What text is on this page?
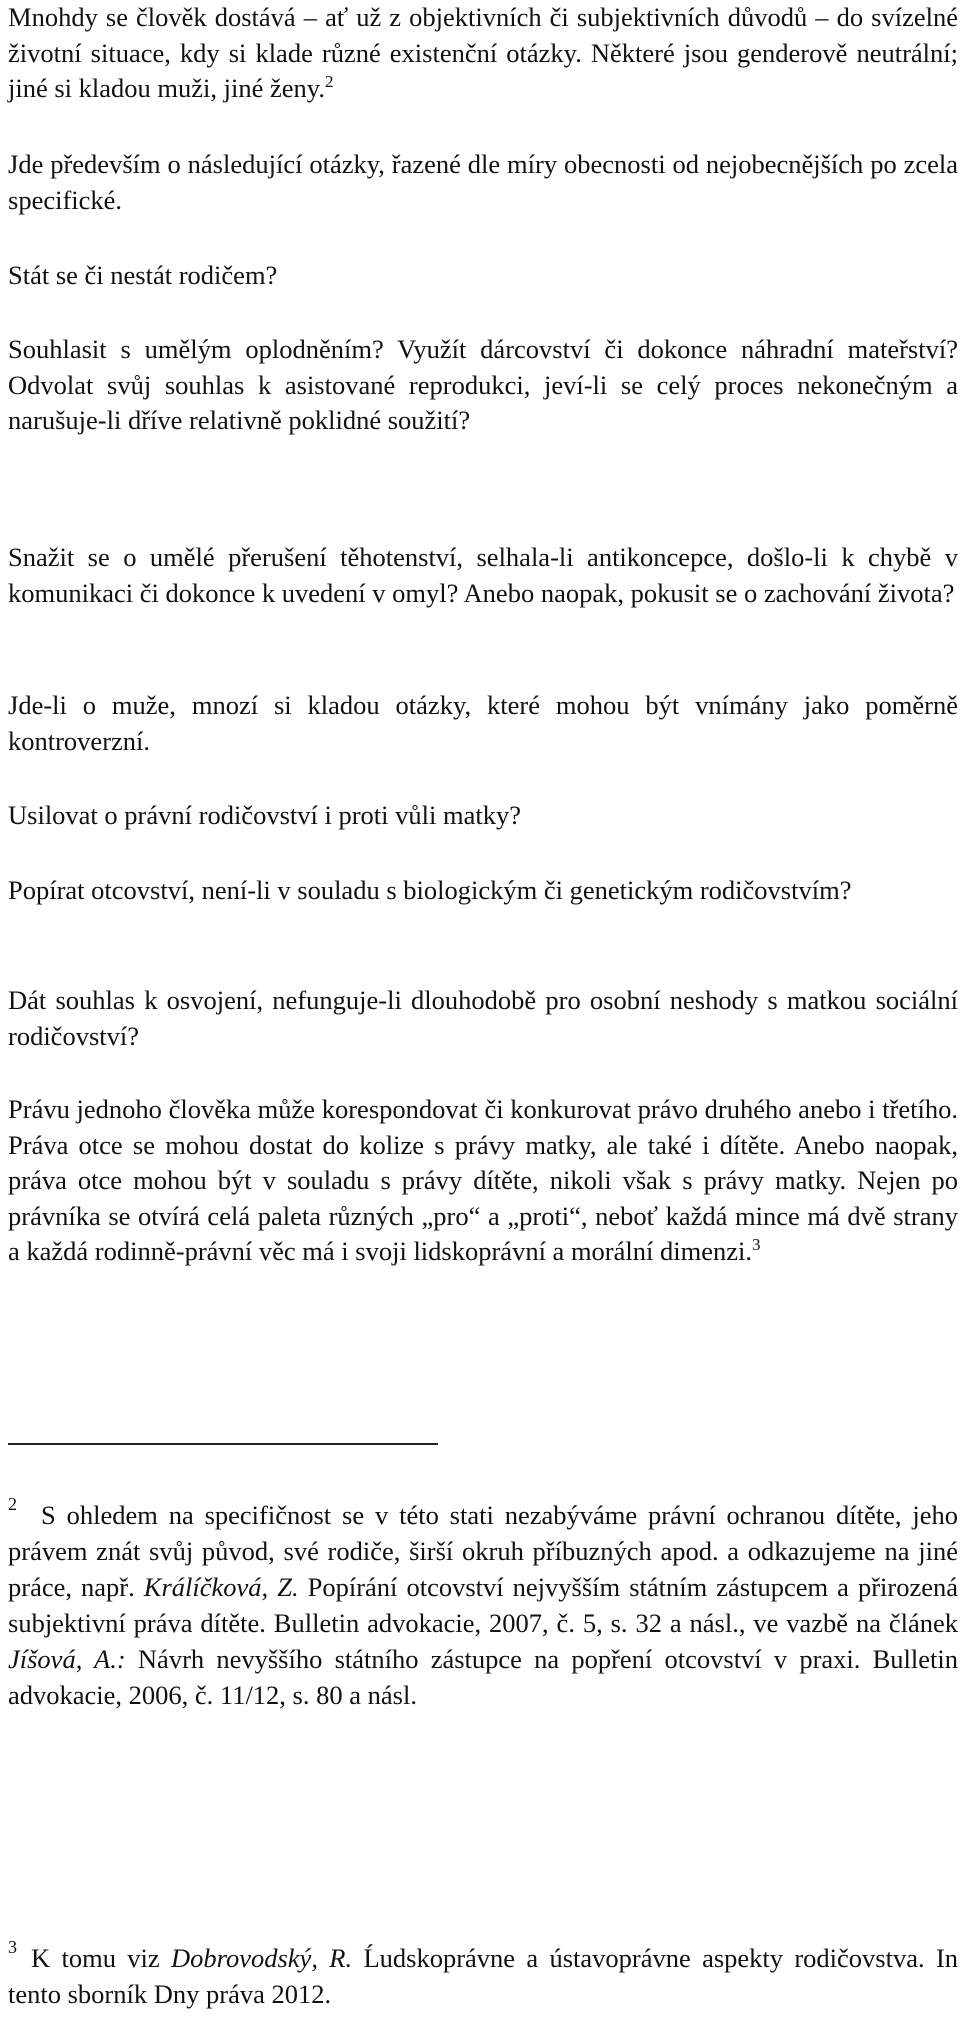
Mnohdy se člověk dostává – ať už z objektivních či subjektivních důvodů – do svízelné životní situace, kdy si klade různé existenční otázky. Některé jsou genderově neutrální; jiné si kladou muži, jiné ženy.$^2$

Jde především o následující otázky, řazené dle míry obecnosti od nejobecnějších po zcela specifické.

Stát se či nestát rodičem?

Souhlasit s umělým oplodněním? Využít dárcovství či dokonce náhradní mateřství? Odvolat svůj souhlas k asistované reprodukci, jeví-li se celý proces nekonečným a narušuje-li dříve relativně poklidné soužití?

Snažit se o umělé přerušení těhotenství, selhala-li antikoncepce, došlo-li k chybě v komunikaci či dokonce k uvedení v omyl? Anebo naopak, pokusit se o zachování života?

Jde-li o muže, mnozí si kladou otázky, které mohou být vnímány jako poměrně kontroverzní.

Usilovat o právní rodičovství i proti vůli matky?

Popírat otcovství, není-li v souladu s biologickým či genetickým rodičovstvím?

Dát souhlas k osvojení, nefunguje-li dlouhodobě pro osobní neshody s matkou sociální rodičovství?

Právu jednoho člověka může korespondovat či konkurovat právo druhého anebo i třetího. Práva otce se mohou dostat do kolize s právy matky, ale také i dítěte. Anebo naopak, práva otce mohou být v souladu s právy dítěte, nikoli však s právy matky. Nejen po právníka se otvírá celá paleta různých „pro“ a „proti“, neboť každá mince má dvě strany a každá rodinně-právní věc má i svoji lidskoprávní a morální dimenzi.$^3$

$^2$ S ohledem na specifičnost se v této stati nezabýváme právní ochranou dítěte, jeho právem znát svůj původ, své rodiče, širší okruh příbuzných apod. a odkazujeme na jiné práce, např. Králíčková, Z. Popírání otcovství nejvyšším státním zástupcem a přirozená subjektivní práva dítěte. Bulletin advokacie, 2007, č. 5, s. 32 a násl., ve vazbě na článek Jíšová, A.: Návrh nevyššího státního zástupce na popření otcovství v praxi. Bulletin advokacie, 2006, č. 11/12, s. 80 a násl.

$^3$ K tomu viz Dobrovodský, R. Ĺudskoprávne a ústavoprávne aspekty rodičovstva. In tento sborník Dny práva 2012.
